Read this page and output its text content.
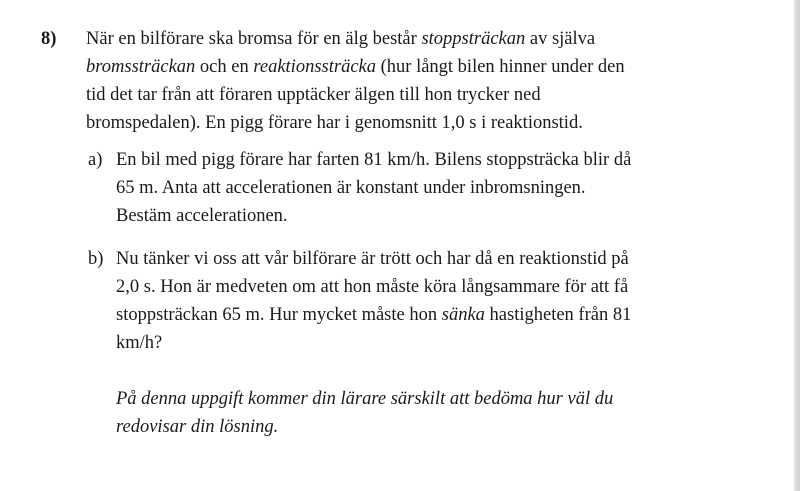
8) När en bilförare ska bromsa för en älg består stoppsträckan av själva
bromssträckan och en reaktionssträcka (hur långt bilen hinner under den
tid det tar från att föraren upptäcker älgen till hon trycker ned
bromspedalen). En pigg förare har i genomsnitt 1,0 s i reaktionstid.
a) En bil med pigg förare har farten 81 km/h. Bilens stoppsträcka blir då
65 m. Anta att accelerationen är konstant under inbromsningen.
Bestäm accelerationen.
b) Nu tänker vi oss att vår bilförare är trött och har då en reaktionstid på
2,0 s. Hon är medveten om att hon måste köra långsammare för att få
stoppsträckan 65 m. Hur mycket måste hon sänka hastigheten från 81
km/h?
På denna uppgift kommer din lärare särskilt att bedöma hur väl du
redovisar din lösning.
